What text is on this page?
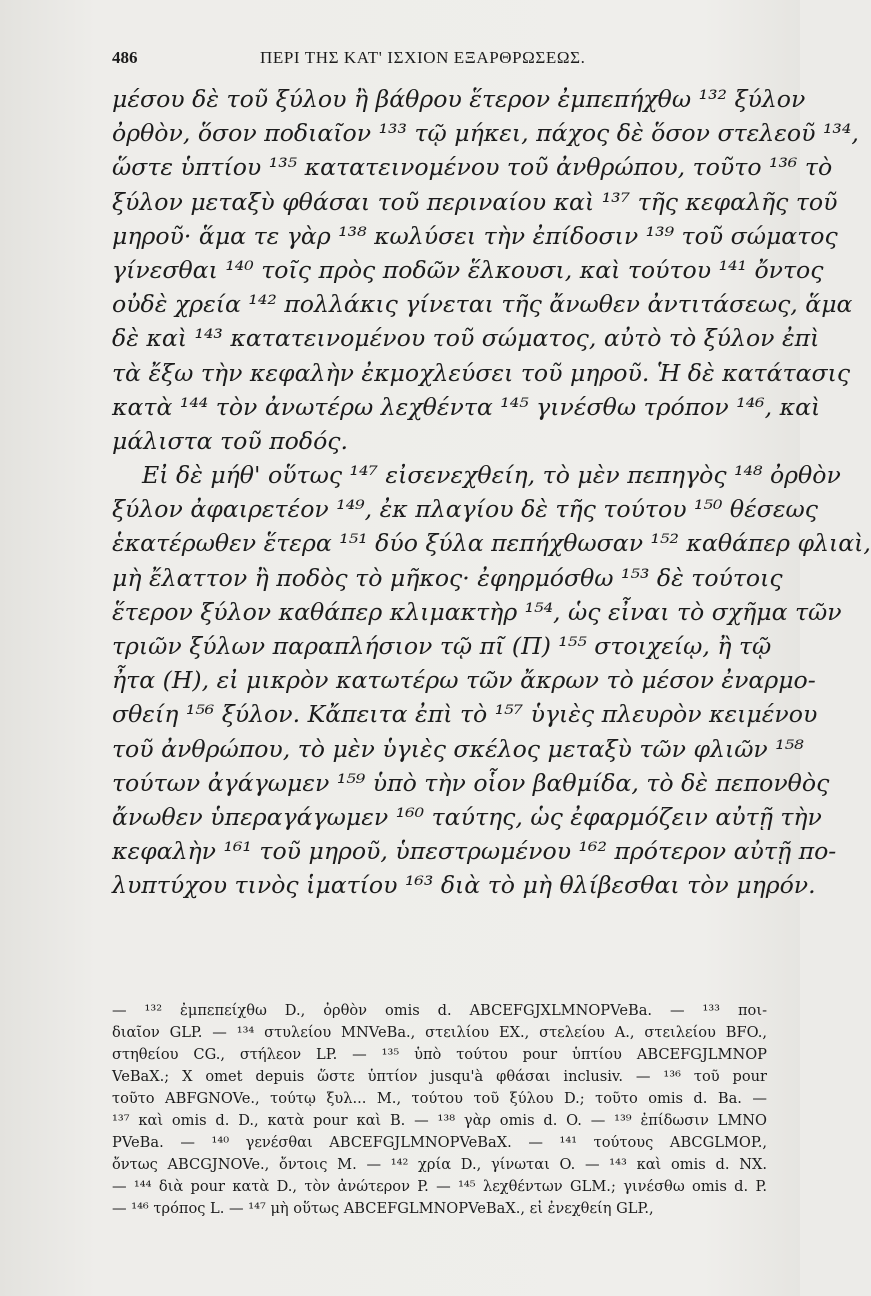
486	ΠΕΡΙ ΤΗΣ ΚΑΤ' ΙΣΧΙΟΝ ΕΞΑΡΘΡΩΣΕΩΣ.
μέσου δὲ τοῦ ξύλου ἢ βάθρου ἕτερον ἐμπεπήχθω ¹³² ξύλον
ὀρθὸν, ὅσον ποδιαῖον ¹³³ τῷ μήκει, πάχος δὲ ὅσον στελεοῦ ¹³⁴,
ὥστε ὑπτίου ¹³⁵ κατατεινομένου τοῦ ἀνθρώπου, τοῦτο ¹³⁶ τὸ
ξύλον μεταξὺ φθάσαι τοῦ περιναίου καὶ ¹³⁷ τῆς κεφαλῆς τοῦ
μηροῦ· ἅμα τε γὰρ ¹³⁸ κωλύσει τὴν ἐπίδοσιν ¹³⁹ τοῦ σώματος
γίνεσθαι ¹⁴⁰ τοῖς πρὸς ποδῶν ἕλκουσι, καὶ τούτου ¹⁴¹ ὄντος
οὐδὲ χρεία ¹⁴² πολλάκις γίνεται τῆς ἄνωθεν ἀντιτάσεως, ἅμα
δὲ καὶ ¹⁴³ κατατεινομένου τοῦ σώματος, αὐτὸ τὸ ξύλον ἐπὶ
τὰ ἔξω τὴν κεφαλὴν ἐκμοχλεύσει τοῦ μηροῦ. Ἡ δὲ κατάτασις
κατὰ ¹⁴⁴ τὸν ἀνωτέρω λεχθέντα ¹⁴⁵ γινέσθω τρόπον ¹⁴⁶, καὶ
μάλιστα τοῦ ποδός.
Εἰ δὲ μήθ' οὕτως ¹⁴⁷ εἰσενεχθείη, τὸ μὲν πεπηγὸς ¹⁴⁸ ὀρθὸν
ξύλον ἀφαιρετέον ¹⁴⁹, ἐκ πλαγίου δὲ τῆς τούτου ¹⁵⁰ θέσεως
ἑκατέρωθεν ἕτερα ¹⁵¹ δύο ξύλα πεπήχθωσαν ¹⁵² καθάπερ φλιαὶ,
μὴ ἔλαττον ἢ ποδὸς τὸ μῆκος· ἐφηρμόσθω ¹⁵³ δὲ τούτοις
ἕτερον ξύλον καθάπερ κλιμακτὴρ ¹⁵⁴, ὡς εἶναι τὸ σχῆμα τῶν
τριῶν ξύλων παραπλήσιον τῷ πῖ (Π) ¹⁵⁵ στοιχείῳ, ἢ τῷ
ἦτα (Η), εἰ μικρὸν κατωτέρω τῶν ἄκρων τὸ μέσον ἐναρμο-
σθείη ¹⁵⁶ ξύλον. Κἄπειτα ἐπὶ τὸ ¹⁵⁷ ὑγιὲς πλευρὸν κειμένου
τοῦ ἀνθρώπου, τὸ μὲν ὑγιὲς σκέλος μεταξὺ τῶν φλιῶν ¹⁵⁸
τούτων ἀγάγωμεν ¹⁵⁹ ὑπὸ τὴν οἷον βαθμίδα, τὸ δὲ πεπονθὸς
ἄνωθεν ὑπεραγάγωμεν ¹⁶⁰ ταύτης, ὡς ἐφαρμόζειν αὐτῇ τὴν
κεφαλὴν ¹⁶¹ τοῦ μηροῦ, ὑπεστρωμένου ¹⁶² πρότερον αὐτῇ πο-
λυπτύχου τινὸς ἱματίου ¹⁶³ διὰ τὸ μὴ θλίβεσθαι τὸν μηρόν.
— ¹³² ἐμπεπείχθω D., ὀρθὸν omis d. ABCEFGJXLMNOPVeBa. — ¹³³ ποι-
διαῖον GLP. — ¹³⁴ στυλείου MNVeBa., στειλίου EX., στελείου A., στειλείου BFO.,
στηθείου CG., στήλεον LP. — ¹³⁵ ὑπὸ τούτου pour ὑπτίου ABCEFGJLMNOP
VeBaX.; X omet depuis ὥστε ὑπτίον jusqu'à φθάσαι inclusiv. — ¹³⁶ τοῦ pour
τοῦτο ABFGNOVe., τούτῳ ξυλ... M., τούτου τοῦ ξύλου D.; τοῦτο omis d. Ba. —
¹³⁷ καὶ omis d. D., κατὰ pour καὶ B. — ¹³⁸ γὰρ omis d. O. — ¹³⁹ ἐπίδωσιν LMNO
PVeBa. — ¹⁴⁰ γενέσθαι ABCEFGJLMNOPVeBaX. — ¹⁴¹ τούτους ABCGLMOP.,
ὄντως ABCGJNOVe., ὄντοις M. — ¹⁴² χρία D., γίνωται O. — ¹⁴³ καὶ omis d. NX.
— ¹⁴⁴ διὰ pour κατὰ D., τὸν ἀνώτερον P. — ¹⁴⁵ λεχθέντων GLM.; γινέσθω omis d. P.
— ¹⁴⁶ τρόπος L. — ¹⁴⁷ μὴ οὕτως ABCEFGLMNOPVeBaX., εἰ ἐνεχθείη GLP.,
